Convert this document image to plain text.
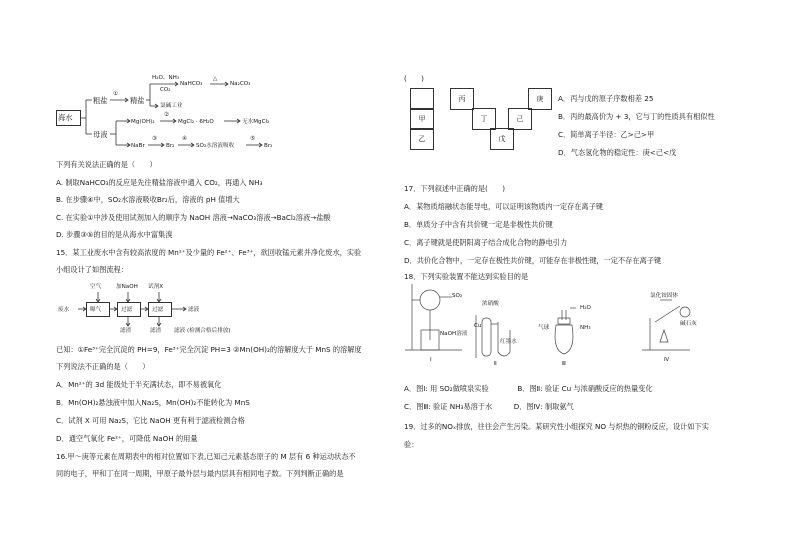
海水
粗盐
①
精盐
H₂O、NH₃
CO₂
NaHCO₃
△
Na₂CO₃
氯碱工业
母液
Mg(OH)₂	MgCl₂ · 6H₂O	无水MgCl₂
NaBr
③
Br₂
④
SO₂水溶液吸收
⑤
Br₂
②
下列有关说法正确的是（　　）
A. 制取NaHCO₃的反应是先往精盐溶液中通入 CO₂，再通入 NH₃
B. 在步骤④中，SO₂水溶液吸收Br₂后，溶液的 pH 值增大
C. 在实验①中涉及使用试剂加入的顺序为 NaOH 溶液→NaCO₃溶液→BaCl₂溶液→盐酸
D. 步骤③⑤的目的是从海水中富集溴
15．某工业废水中含有较高浓度的 Mn²⁺及少量的 Fe²⁺、Fe³⁺，欲回收锰元素并净化废水，实验
小组设计了如图流程：
空气	加NaOH 试剂X
废水	曝气	过滤	过滤	滤液
滤渣	滤渣 滤液 (检测合格后排放)
已知：①Fe³⁺完全沉淀的 PH=9，Fe³⁺完全沉淀 PH=3 ②Mn(OH)₂的溶解度大于 MnS 的溶解度
下列说法不正确的是（　　）
A．Mn²⁺的 3d 能级处于半充满状态，即不易被氧化
B．Mn(OH)₂悬浊液中加入Na₂S，Mn(OH)₂不能转化为 MnS
C．试剂 X 可用 Na₂S，它比 NaOH 更有利于滤液检测合格
D．通空气氧化 Fe²⁺，可降低 NaOH 的用量
16.甲～庚等元素在周期表中的相对位置如下表,已知己元素基态原子的 M 层有 6 种运动状态不
同的电子，甲和丁在同一周期，甲原子最外层与最内层具有相同电子数。下列判断正确的是
(　　)
甲
乙
丙
丁
戊
己
庚	A．丙与戊的原子序数相差 25
B．丙的最高价为 + 3，它与丁的性质具有相似性
C．简单离子半径：乙>己>甲
D．气态氢化物的稳定性：庚<己<戊
17．下列叙述中正确的是(　　)
A．某物质熔融状态能导电，可以证明该物质内一定存在离子键
B．单质分子中含有共价键一定是非极性共价键
C．离子键就是使阴阳离子结合成化合物的静电引力
D．共价化合物中，一定存在极性共价键，可能存在非极性键，一定不存在离子键
18．下列实验装置不能达到实验目的是
SO₂
NaOH溶液
红墨水
浓硝酸
Cu
H₂O
NH₃
气球
氯化铵固体
碱石灰
Ⅰ
Ⅱ	Ⅲ
Ⅳ
A．图Ⅰ: 用 SO₂做喷泉实验　　　　B．图Ⅱ: 验证 Cu 与浓硝酸反应的热量变化
C．图Ⅲ: 验证 NH₃易溶于水　　　D．图Ⅳ: 制取氨气
19．过多的NOₓ排放，往往会产生污染。某研究性小组探究 NO 与炽热的铜粉反应，设计如下实
验：
